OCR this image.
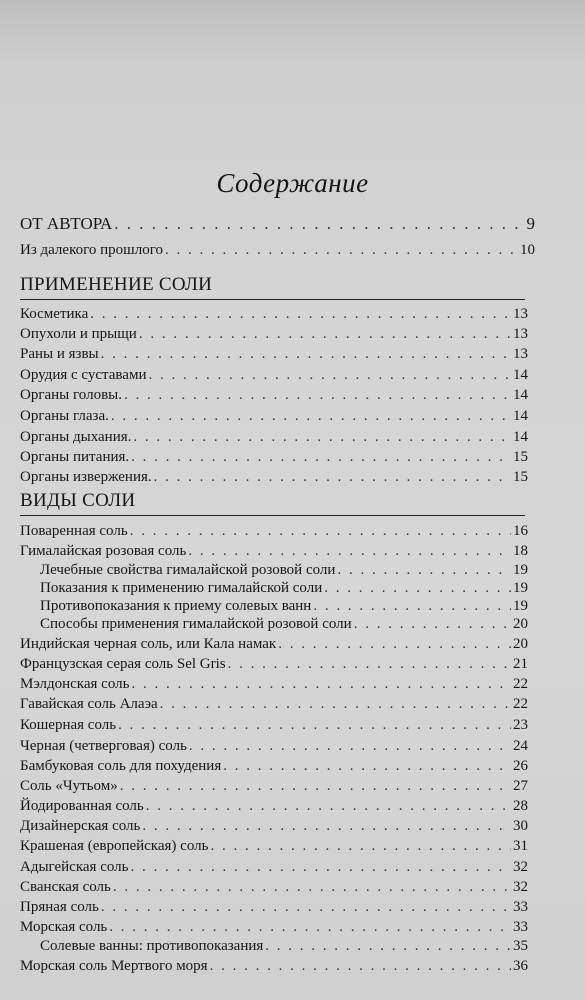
Содержание
ОТ АВТОРА . . .	9
Из далекого прошлого . . .	10
ПРИМЕНЕНИЕ СОЛИ
Косметика . . .	13
Опухоли и прыщи . . .	13
Раны и язвы . . .	13
Орудия с суставами . . .	14
Органы головы. . . .	14
Органы глаза. . . .	14
Органы дыхания. . . .	14
Органы питания. . . .	15
Органы извержения. . . .	15
ВИДЫ СОЛИ
Поваренная соль . . .	16
Гималайская розовая соль . . .	18
Лечебные свойства гималайской розовой соли . . .	19
Показания к применению гималайской соли . . .	19
Противопоказания к приему солевых ванн . . .	19
Способы применения гималайской розовой соли . . .	20
Индийская черная соль, или Кала намак . . .	20
Французская серая соль Sel Gris . . .	21
Мэлдонская соль . . .	22
Гавайская соль Алаэа . . .	22
Кошерная соль . . .	23
Черная (четверговая) соль . . .	24
Бамбуковая соль для похудения . . .	26
Соль «Чутьом» . . .	27
Йодированная соль . . .	28
Дизайнерская соль . . .	30
Крашеная (европейская) соль . . .	31
Адыгейская соль . . .	32
Сванская соль . . .	32
Пряная соль . . .	33
Морская соль . . .	33
Солевые ванны: противопоказания . . .	35
Морская соль Мертвого моря . . .	36
